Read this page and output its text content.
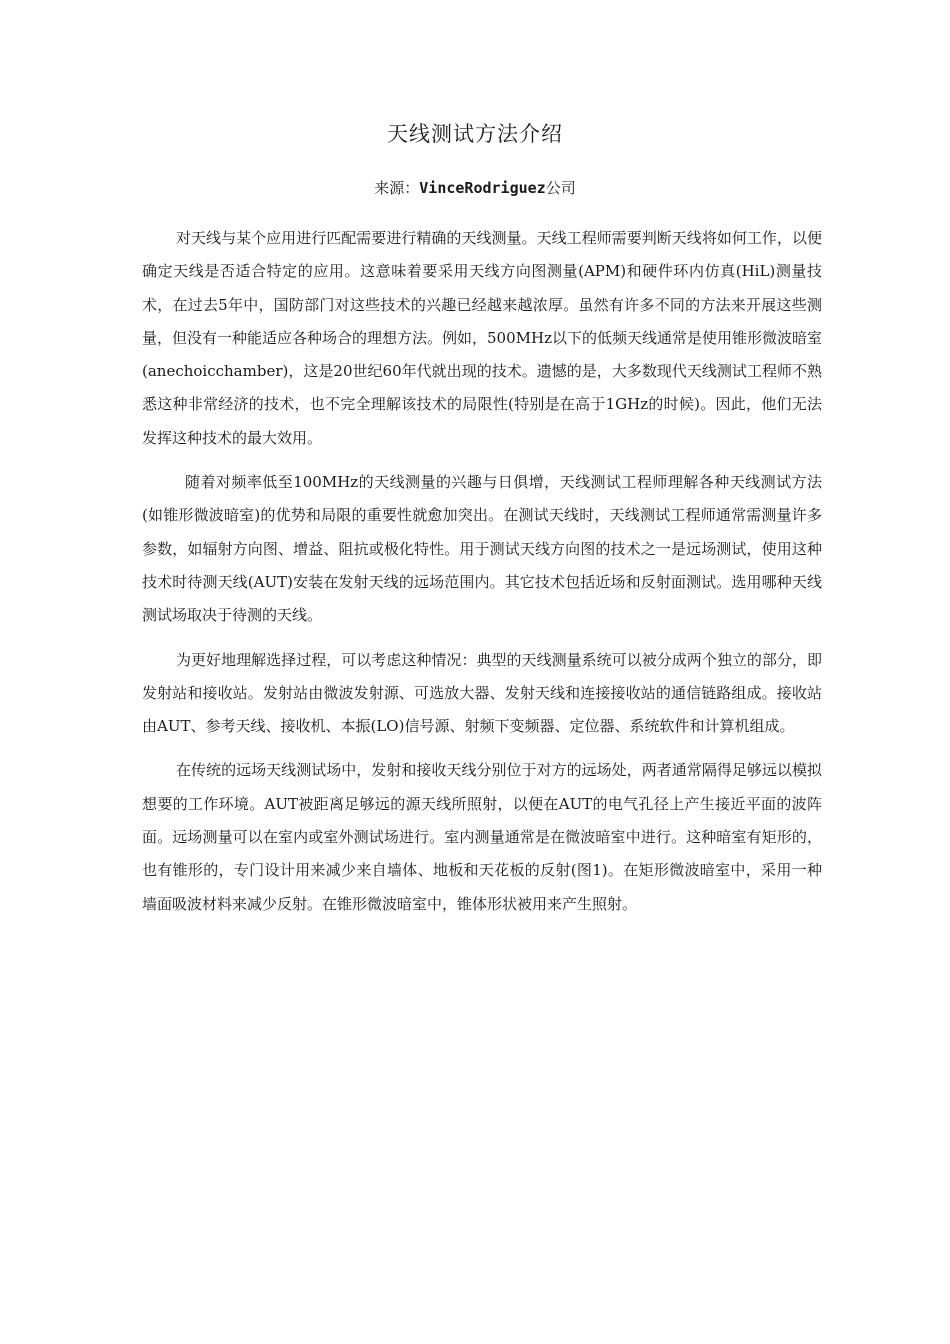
天线测试方法介绍

来源：VinceRodriguez公司

对天线与某个应用进行匹配需要进行精确的天线测量。天线工程师需要判断天线将如何工作，以便确定天线是否适合特定的应用。这意味着要采用天线方向图测量(APM)和硬件环内仿真(HiL)测量技术，在过去5年中，国防部门对这些技术的兴趣已经越来越浓厚。虽然有许多不同的方法来开展这些测量，但没有一种能适应各种场合的理想方法。例如，500MHz以下的低频天线通常是使用锥形微波暗室(anechoicchamber)，这是20世纪60年代就出现的技术。遗憾的是，大多数现代天线测试工程师不熟悉这种非常经济的技术，也不完全理解该技术的局限性(特别是在高于1GHz的时候)。因此，他们无法发挥这种技术的最大效用。

随着对频率低至100MHz的天线测量的兴趣与日俱增，天线测试工程师理解各种天线测试方法(如锥形微波暗室)的优势和局限的重要性就愈加突出。在测试天线时，天线测试工程师通常需测量许多参数，如辐射方向图、增益、阻抗或极化特性。用于测试天线方向图的技术之一是远场测试，使用这种技术时待测天线(AUT)安装在发射天线的远场范围内。其它技术包括近场和反射面测试。选用哪种天线测试场取决于待测的天线。

为更好地理解选择过程，可以考虑这种情况：典型的天线测量系统可以被分成两个独立的部分，即发射站和接收站。发射站由微波发射源、可选放大器、发射天线和连接接收站的通信链路组成。接收站由AUT、参考天线、接收机、本振(LO)信号源、射频下变频器、定位器、系统软件和计算机组成。

在传统的远场天线测试场中，发射和接收天线分别位于对方的远场处，两者通常隔得足够远以模拟想要的工作环境。AUT被距离足够远的源天线所照射，以便在AUT的电气孔径上产生接近平面的波阵面。远场测量可以在室内或室外测试场进行。室内测量通常是在微波暗室中进行。这种暗室有矩形的，也有锥形的，专门设计用来减少来自墙体、地板和天花板的反射(图1)。在矩形微波暗室中，采用一种墙面吸波材料来减少反射。在锥形微波暗室中，锥体形状被用来产生照射。
